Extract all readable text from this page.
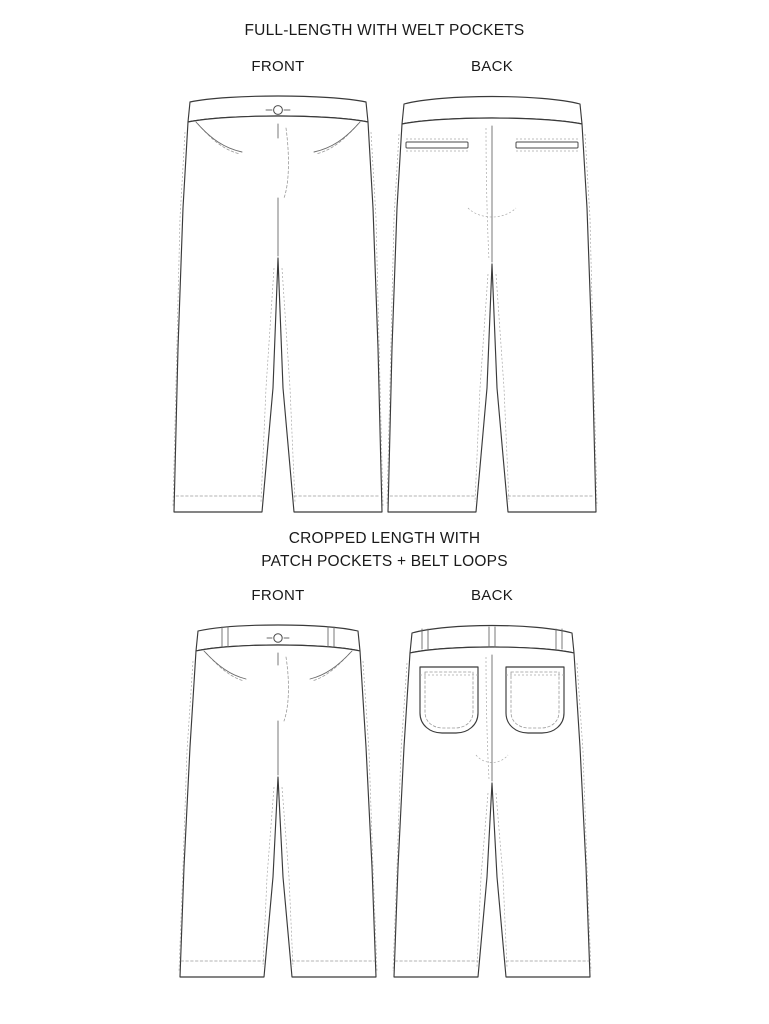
FULL-LENGTH WITH WELT POCKETS
FRONT	BACK
CROPPED LENGTH WITH
PATCH POCKETS + BELT LOOPS
FRONT	BACK
